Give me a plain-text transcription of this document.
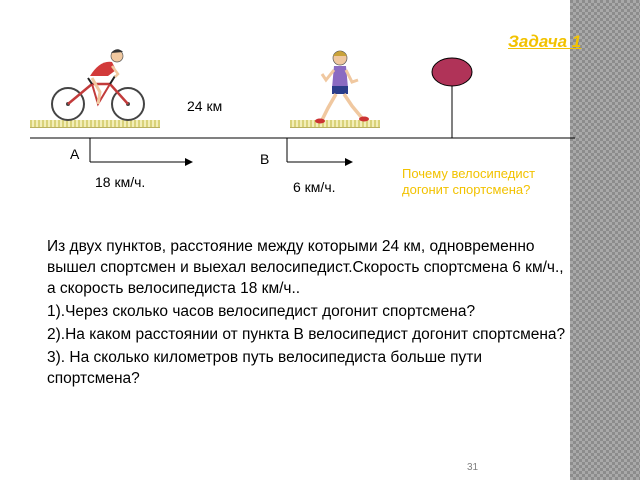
Задача 1
24 км
А	В
18 км/ч.	6 км/ч.
Почему велосипедист догонит спортсмена?

Из двух пунктов, расстояние между которыми 24 км, одновременно вышел спортсмен и выехал велосипедист.Скорость спортсмена 6 км/ч., а скорость велосипедиста 18 км/ч..

1).Через сколько часов велосипедист догонит спортсмена?

2).На каком расстоянии от пункта В велосипедист догонит спортсмена?

3). На сколько километров путь велосипедиста больше пути спортсмена?

31
